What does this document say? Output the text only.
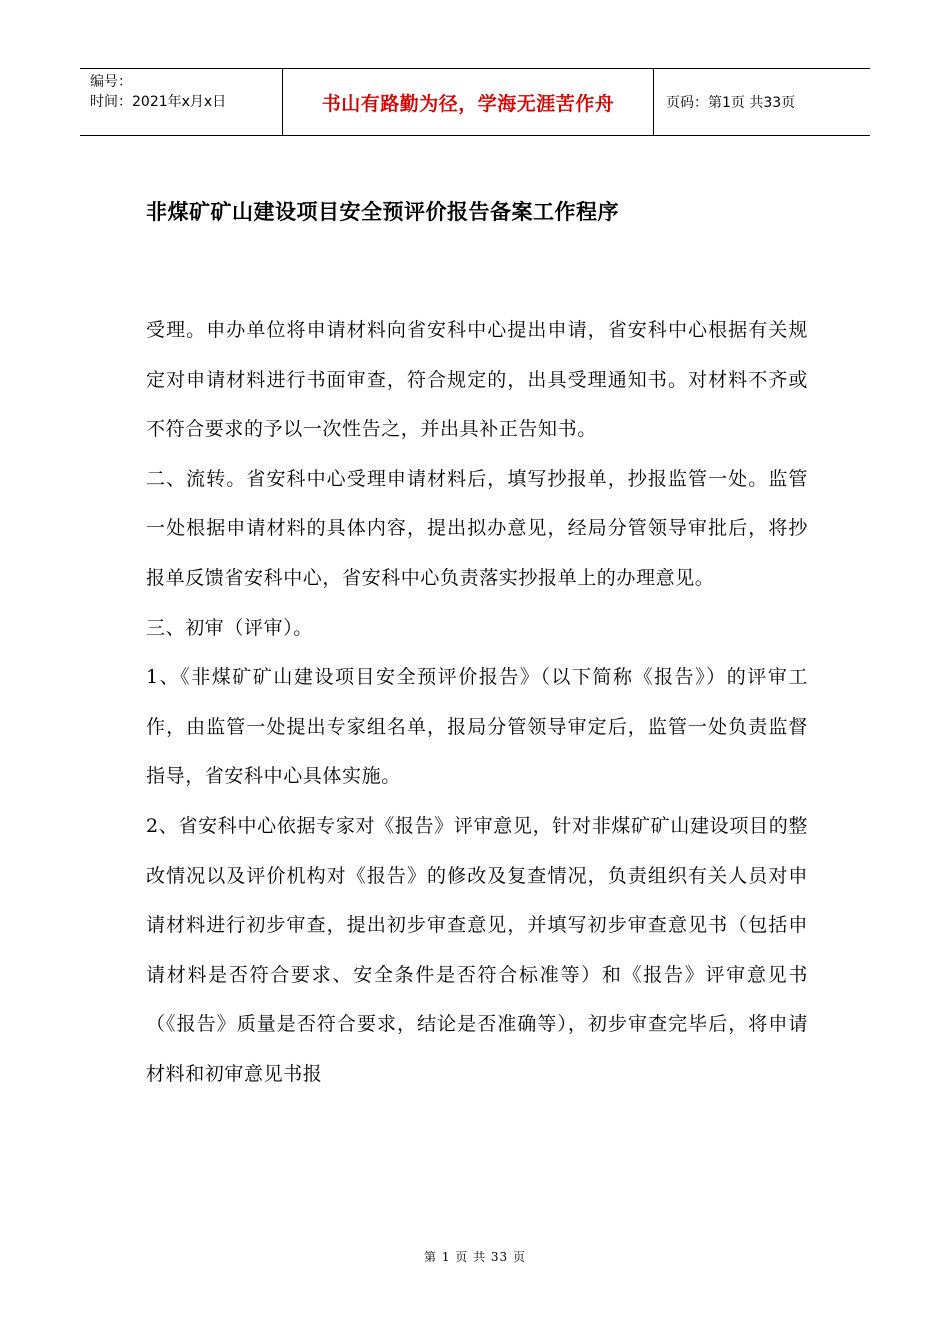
编号：
时间：2021年x月x日	书山有路勤为径，学海无涯苦作舟	页码：第1页 共33页
非煤矿矿山建设项目安全预评价报告备案工作程序

受理。申办单位将申请材料向省安科中心提出申请，省安科中心根据有关规定对申请材料进行书面审查，符合规定的，出具受理通知书。对材料不齐或不符合要求的予以一次性告之，并出具补正告知书。

二、流转。省安科中心受理申请材料后，填写抄报单，抄报监管一处。监管一处根据申请材料的具体内容，提出拟办意见，经局分管领导审批后，将抄报单反馈省安科中心，省安科中心负责落实抄报单上的办理意见。

三、初审（评审）。

1、《非煤矿矿山建设项目安全预评价报告》（以下简称《报告》）的评审工作，由监管一处提出专家组名单，报局分管领导审定后，监管一处负责监督指导，省安科中心具体实施。

2、省安科中心依据专家对《报告》评审意见，针对非煤矿矿山建设项目的整改情况以及评价机构对《报告》的修改及复查情况，负责组织有关人员对申请材料进行初步审查，提出初步审查意见，并填写初步审查意见书（包括申请材料是否符合要求、安全条件是否符合标准等）和《报告》评审意见书（《报告》质量是否符合要求，结论是否准确等），初步审查完毕后，将申请材料和初审意见书报

第 1 页 共 33 页
